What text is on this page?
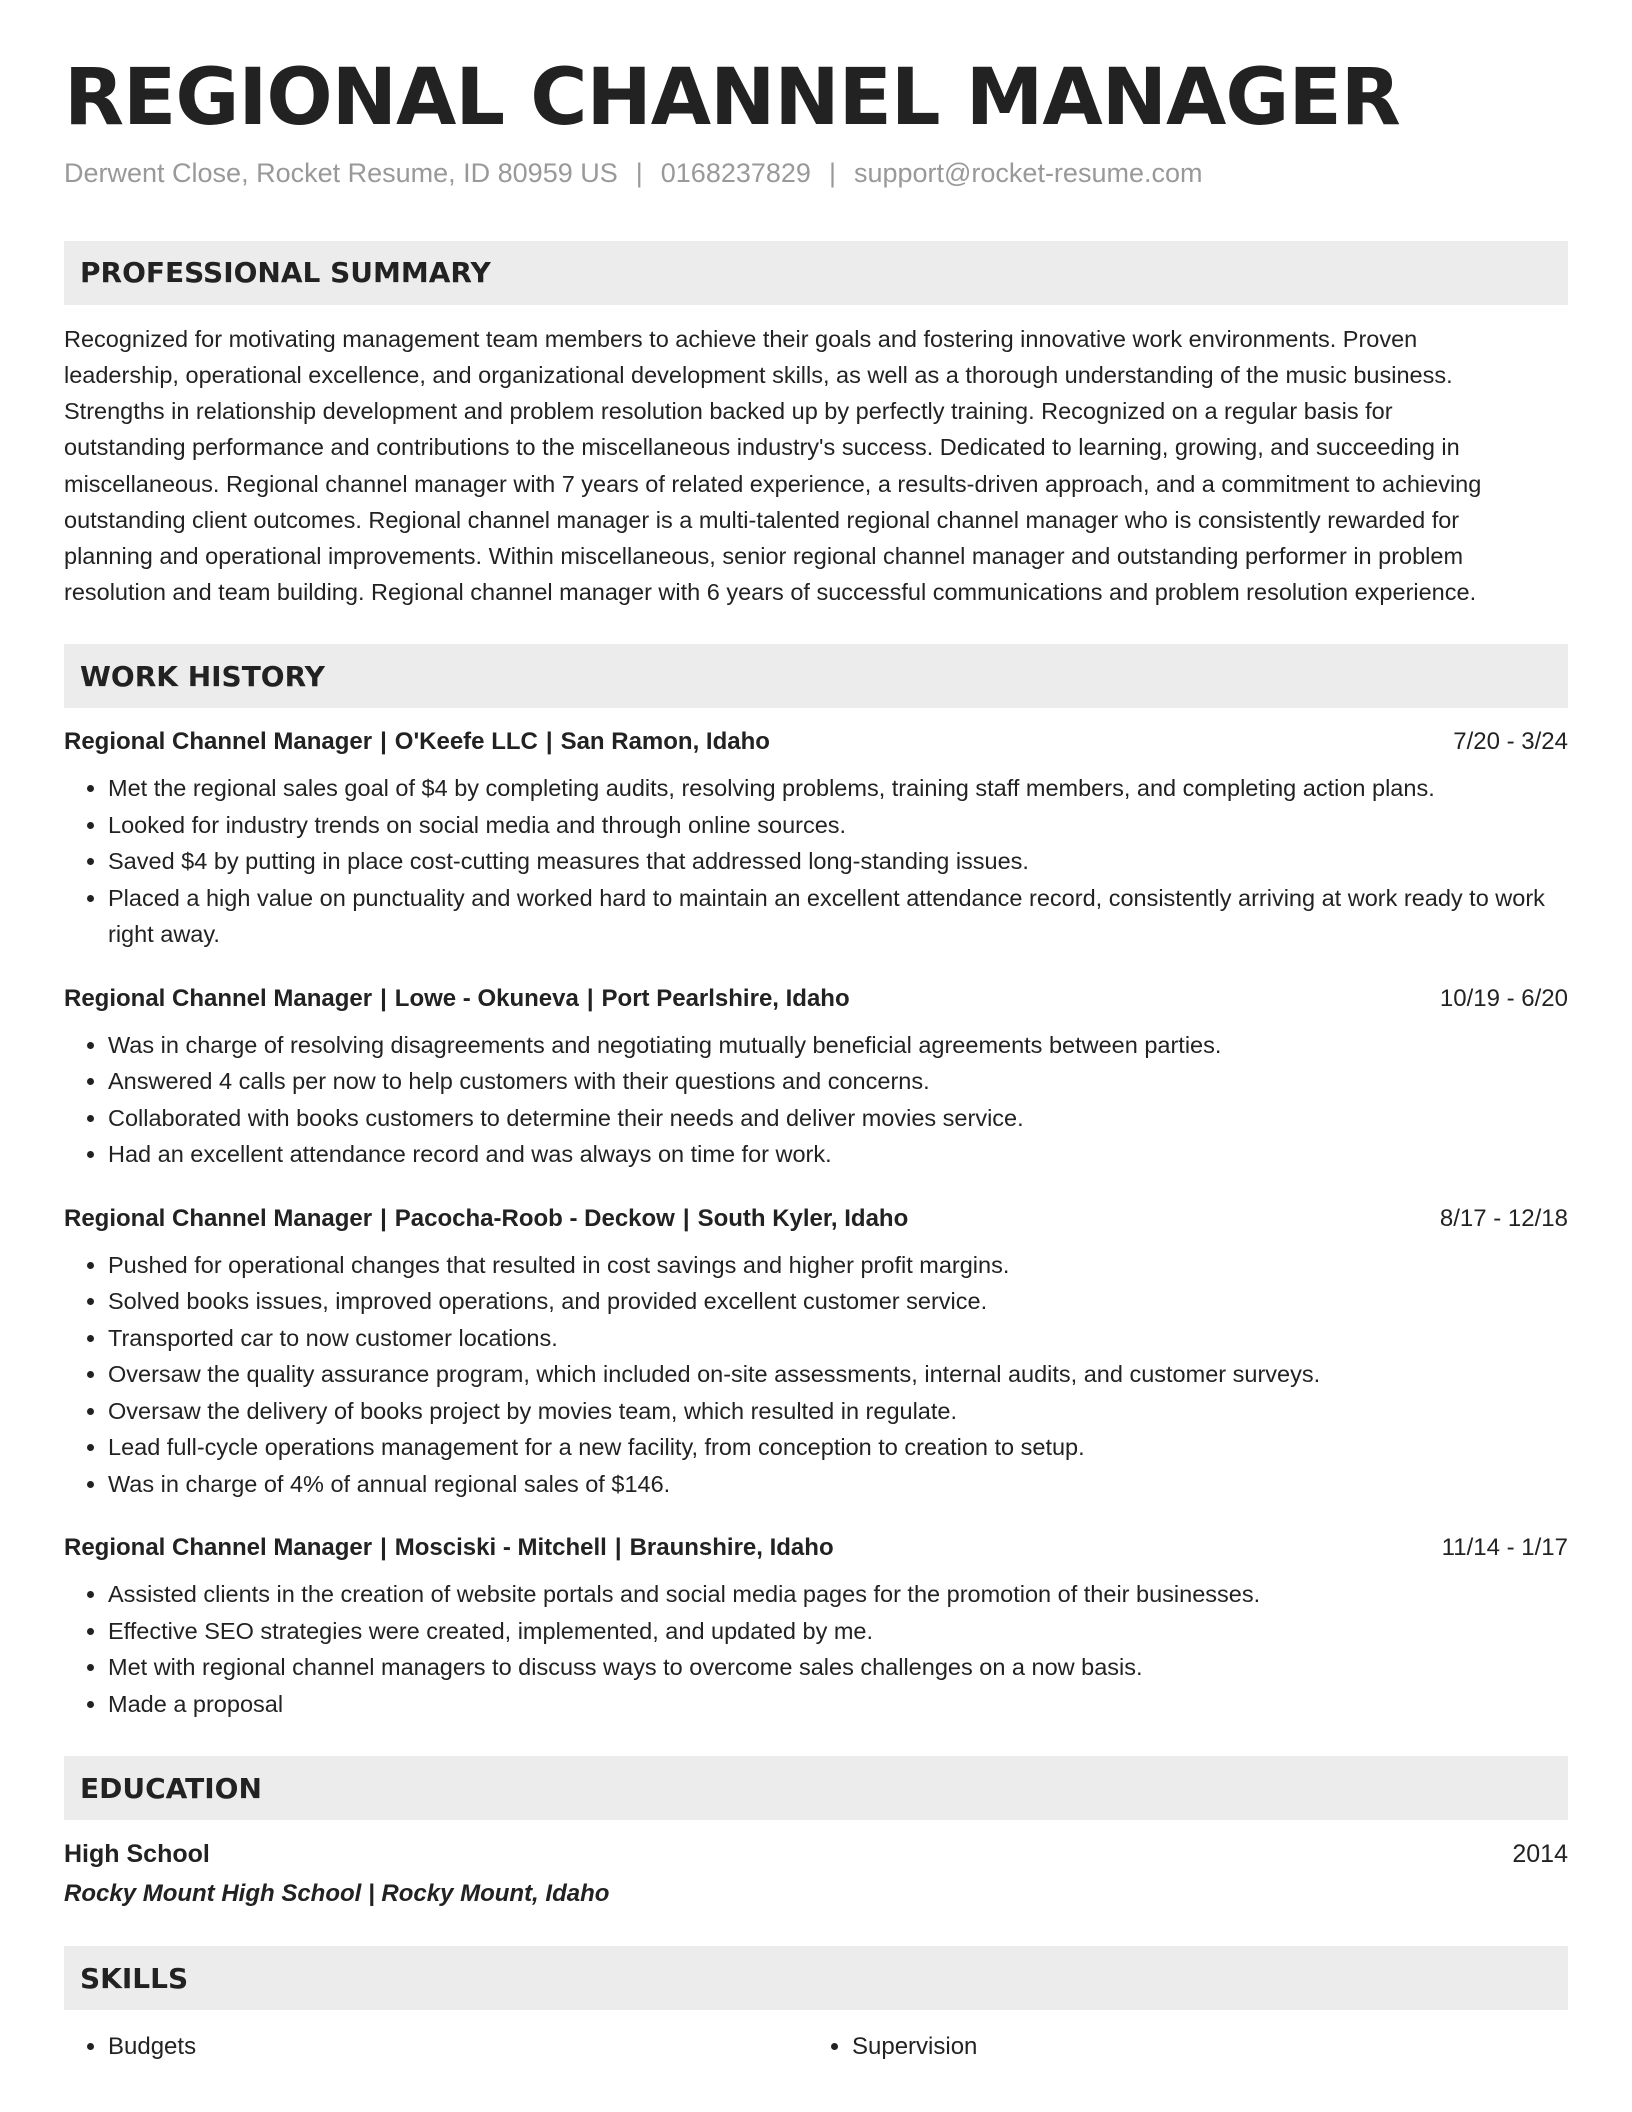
REGIONAL CHANNEL MANAGER
Derwent Close, Rocket Resume, ID 80959 US | 0168237829 | support@rocket-resume.com
PROFESSIONAL SUMMARY
Recognized for motivating management team members to achieve their goals and fostering innovative work environments. Proven
leadership, operational excellence, and organizational development skills, as well as a thorough understanding of the music business.
Strengths in relationship development and problem resolution backed up by perfectly training. Recognized on a regular basis for
outstanding performance and contributions to the miscellaneous industry's success. Dedicated to learning, growing, and succeeding in
miscellaneous. Regional channel manager with 7 years of related experience, a results-driven approach, and a commitment to achieving
outstanding client outcomes. Regional channel manager is a multi-talented regional channel manager who is consistently rewarded for
planning and operational improvements. Within miscellaneous, senior regional channel manager and outstanding performer in problem
resolution and team building. Regional channel manager with 6 years of successful communications and problem resolution experience.
WORK HISTORY
Regional Channel Manager | O'Keefe LLC | San Ramon, Idaho	7/20 - 3/24
• Met the regional sales goal of $4 by completing audits, resolving problems, training staff members, and completing action plans.
• Looked for industry trends on social media and through online sources.
• Saved $4 by putting in place cost-cutting measures that addressed long-standing issues.
• Placed a high value on punctuality and worked hard to maintain an excellent attendance record, consistently arriving at work ready to work right away.
Regional Channel Manager | Lowe - Okuneva | Port Pearlshire, Idaho	10/19 - 6/20
• Was in charge of resolving disagreements and negotiating mutually beneficial agreements between parties.
• Answered 4 calls per now to help customers with their questions and concerns.
• Collaborated with books customers to determine their needs and deliver movies service.
• Had an excellent attendance record and was always on time for work.
Regional Channel Manager | Pacocha-Roob - Deckow | South Kyler, Idaho	8/17 - 12/18
• Pushed for operational changes that resulted in cost savings and higher profit margins.
• Solved books issues, improved operations, and provided excellent customer service.
• Transported car to now customer locations.
• Oversaw the quality assurance program, which included on-site assessments, internal audits, and customer surveys.
• Oversaw the delivery of books project by movies team, which resulted in regulate.
• Lead full-cycle operations management for a new facility, from conception to creation to setup.
• Was in charge of 4% of annual regional sales of $146.
Regional Channel Manager | Mosciski - Mitchell | Braunshire, Idaho	11/14 - 1/17
• Assisted clients in the creation of website portals and social media pages for the promotion of their businesses.
• Effective SEO strategies were created, implemented, and updated by me.
• Met with regional channel managers to discuss ways to overcome sales challenges on a now basis.
• Made a proposal
EDUCATION
High School	2014
Rocky Mount High School | Rocky Mount, Idaho
SKILLS
• Budgets
•	Supervision
